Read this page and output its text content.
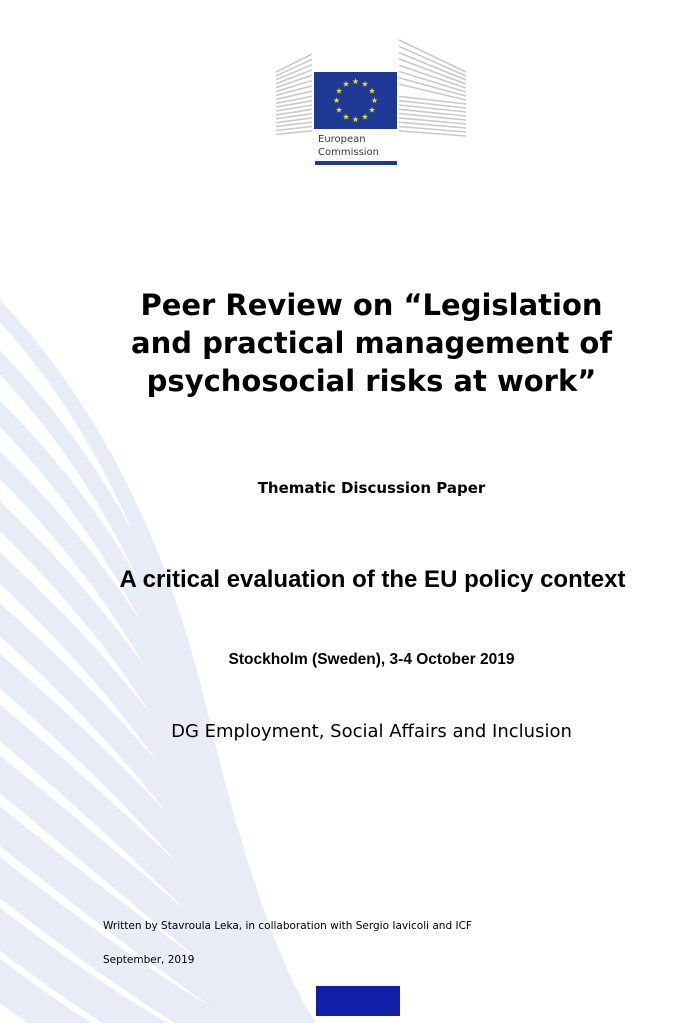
European
Commission
Peer Review on “Legislation
and practical management of
psychosocial risks at work”
Thematic Discussion Paper
A critical evaluation of the EU policy context
Stockholm (Sweden), 3-4 October 2019
DG Employment, Social Affairs and Inclusion
Written by Stavroula Leka, in collaboration with Sergio Iavicoli and ICF
September, 2019
